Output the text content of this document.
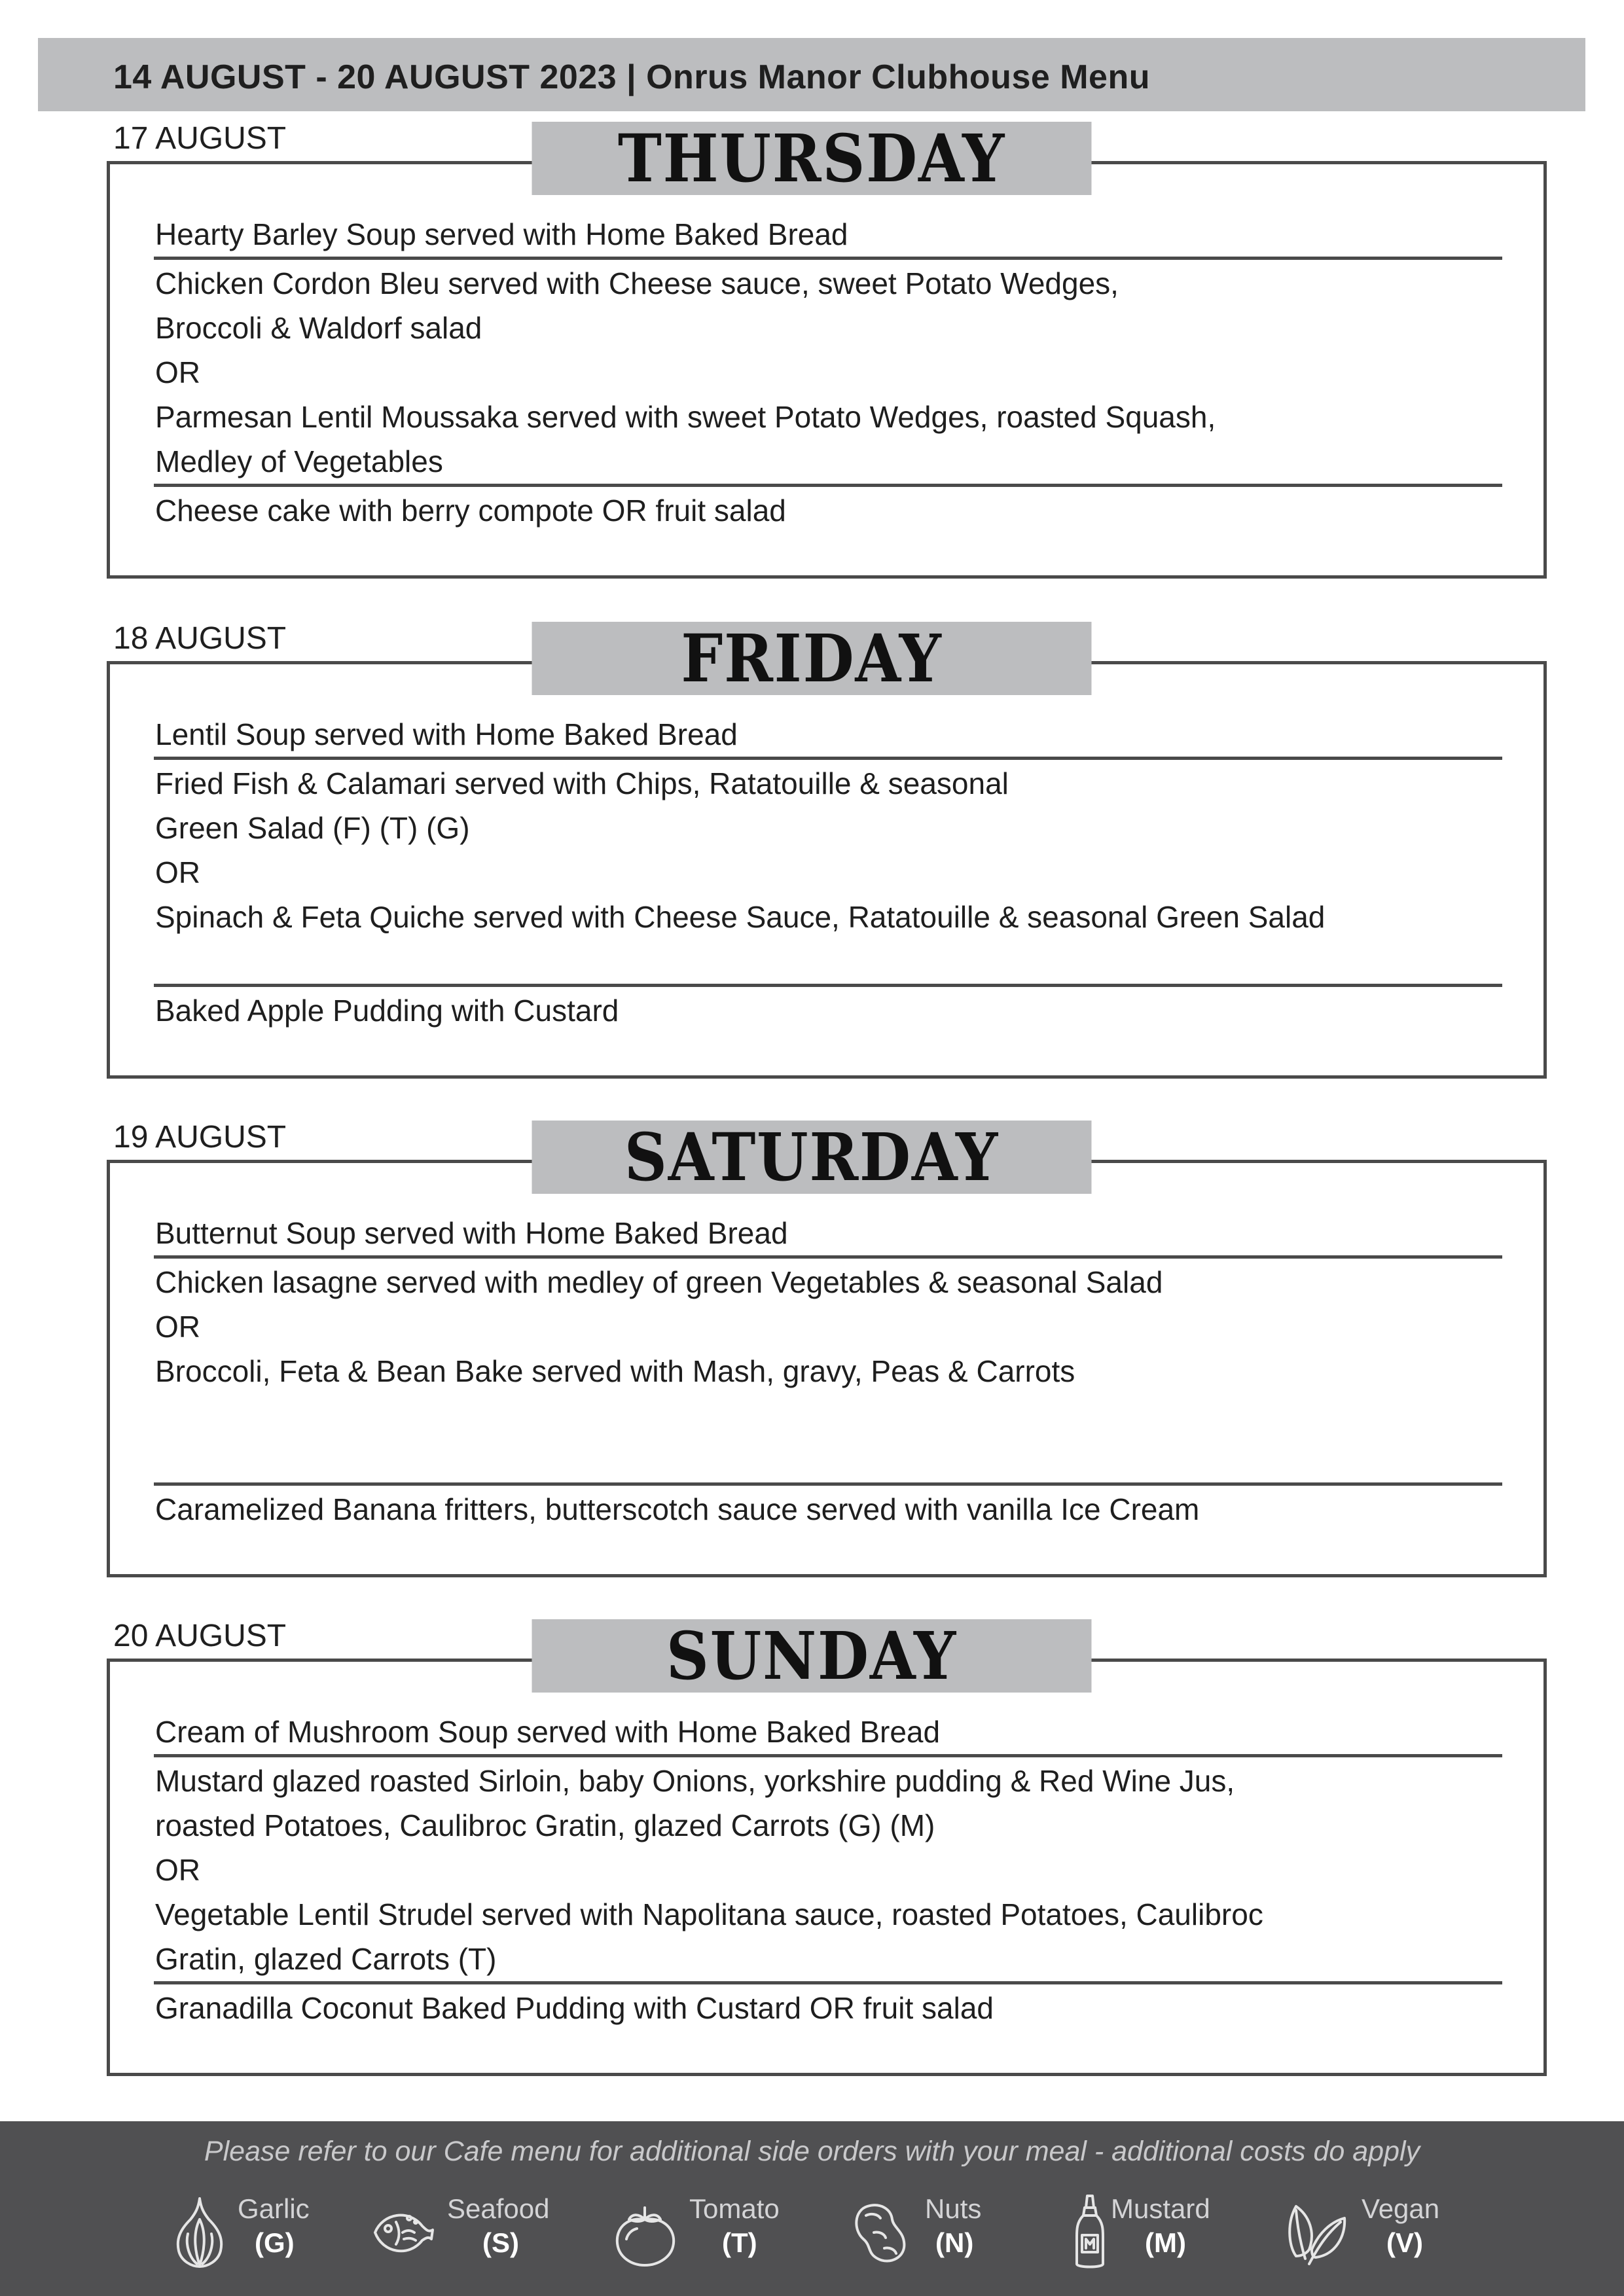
14 AUGUST - 20 AUGUST 2023 | Onrus Manor Clubhouse Menu
17 AUGUST	THURSDAY
Hearty Barley Soup served with Home Baked Bread
Chicken Cordon Bleu served with Cheese sauce, sweet Potato Wedges,
Broccoli & Waldorf salad
OR
Parmesan Lentil Moussaka served with sweet Potato Wedges, roasted Squash,
Medley of Vegetables
Cheese cake with berry compote OR fruit salad
18 AUGUST	FRIDAY
Lentil Soup served with Home Baked Bread
Fried Fish & Calamari served with Chips, Ratatouille & seasonal
Green Salad (F) (T) (G)
OR
Spinach & Feta Quiche served with Cheese Sauce, Ratatouille & seasonal Green Salad
Baked Apple Pudding with Custard
19 AUGUST	SATURDAY
Butternut Soup served with Home Baked Bread
Chicken lasagne served with medley of green Vegetables & seasonal Salad
OR
Broccoli, Feta & Bean Bake served with Mash, gravy, Peas & Carrots
Caramelized Banana fritters, butterscotch sauce served with vanilla Ice Cream
20 AUGUST	SUNDAY
Cream of Mushroom Soup served with Home Baked Bread
Mustard glazed roasted Sirloin, baby Onions, yorkshire pudding & Red Wine Jus,
roasted Potatoes, Caulibroc Gratin, glazed Carrots (G) (M)
OR
Vegetable Lentil Strudel served with Napolitana sauce, roasted Potatoes, Caulibroc
Gratin, glazed Carrots (T)
Granadilla Coconut Baked Pudding with Custard OR fruit salad
Please refer to our Cafe menu for additional side orders with your meal - additional costs do apply
Garlic
(G)
Seafood
(S)
Tomato
(T)
Nuts
(N)
Mustard
(M)
Vegan
(V)
